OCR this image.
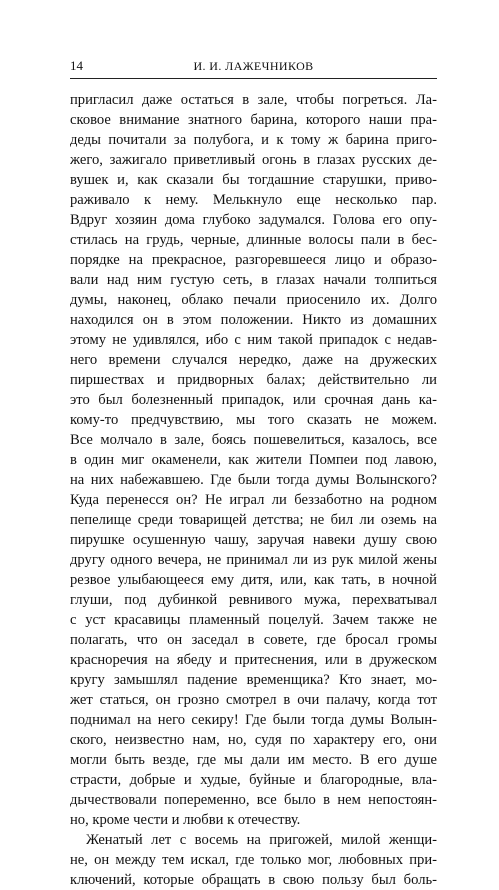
14	И. И. ЛАЖЕЧНИКОВ
пригласил даже остаться в зале, чтобы погреться. Ла-
сковое внимание знатного барина, которого наши пра-
деды почитали за полубога, и к тому ж барина приго-
жего, зажигало приветливый огонь в глазах русских де-
вушек и, как сказали бы тогдашние старушки, приво-
раживало к нему. Мелькнуло еще несколько пар.
Вдруг хозяин дома глубоко задумался. Голова его опу-
стилась на грудь, черные, длинные волосы пали в бес-
порядке на прекрасное, разгоревшееся лицо и образо-
вали над ним густую сеть, в глазах начали толпиться
думы, наконец, облако печали приосенило их. Долго
находился он в этом положении. Никто из домашних
этому не удивлялся, ибо с ним такой припадок с недав-
него времени случался нередко, даже на дружеских
пиршествах и придворных балах; действительно ли
это был болезненный припадок, или срочная дань ка-
кому-то предчувствию, мы того сказать не можем.
Все молчало в зале, боясь пошевелиться, казалось, все
в один миг окаменели, как жители Помпеи под лавою,
на них набежавшею. Где были тогда думы Волынского?
Куда перенесся он? Не играл ли беззаботно на родном
пепелище среди товарищей детства; не бил ли оземь на
пирушке осушенную чашу, заручая навеки душу свою
другу одного вечера, не принимал ли из рук милой жены
резвое улыбающееся ему дитя, или, как тать, в ночной
глуши, под дубинкой ревнивого мужа, перехватывал
с уст красавицы пламенный поцелуй. Зачем также не
полагать, что он заседал в совете, где бросал громы
красноречия на ябеду и притеснения, или в дружеском
кругу замышлял падение временщика? Кто знает, мо-
жет статься, он грозно смотрел в очи палачу, когда тот
поднимал на него секиру! Где были тогда думы Волын-
ского, неизвестно нам, но, судя по характеру его, они
могли быть везде, где мы дали им место. В его душе
страсти, добрые и худые, буйные и благородные, вла-
дычествовали попеременно, все было в нем непостоян-
но, кроме чести и любви к отечеству.
Женатый лет с восемь на пригожей, милой женщи-
не, он между тем искал, где только мог, любовных при-
ключений, которые обращать в свою пользу был боль-
